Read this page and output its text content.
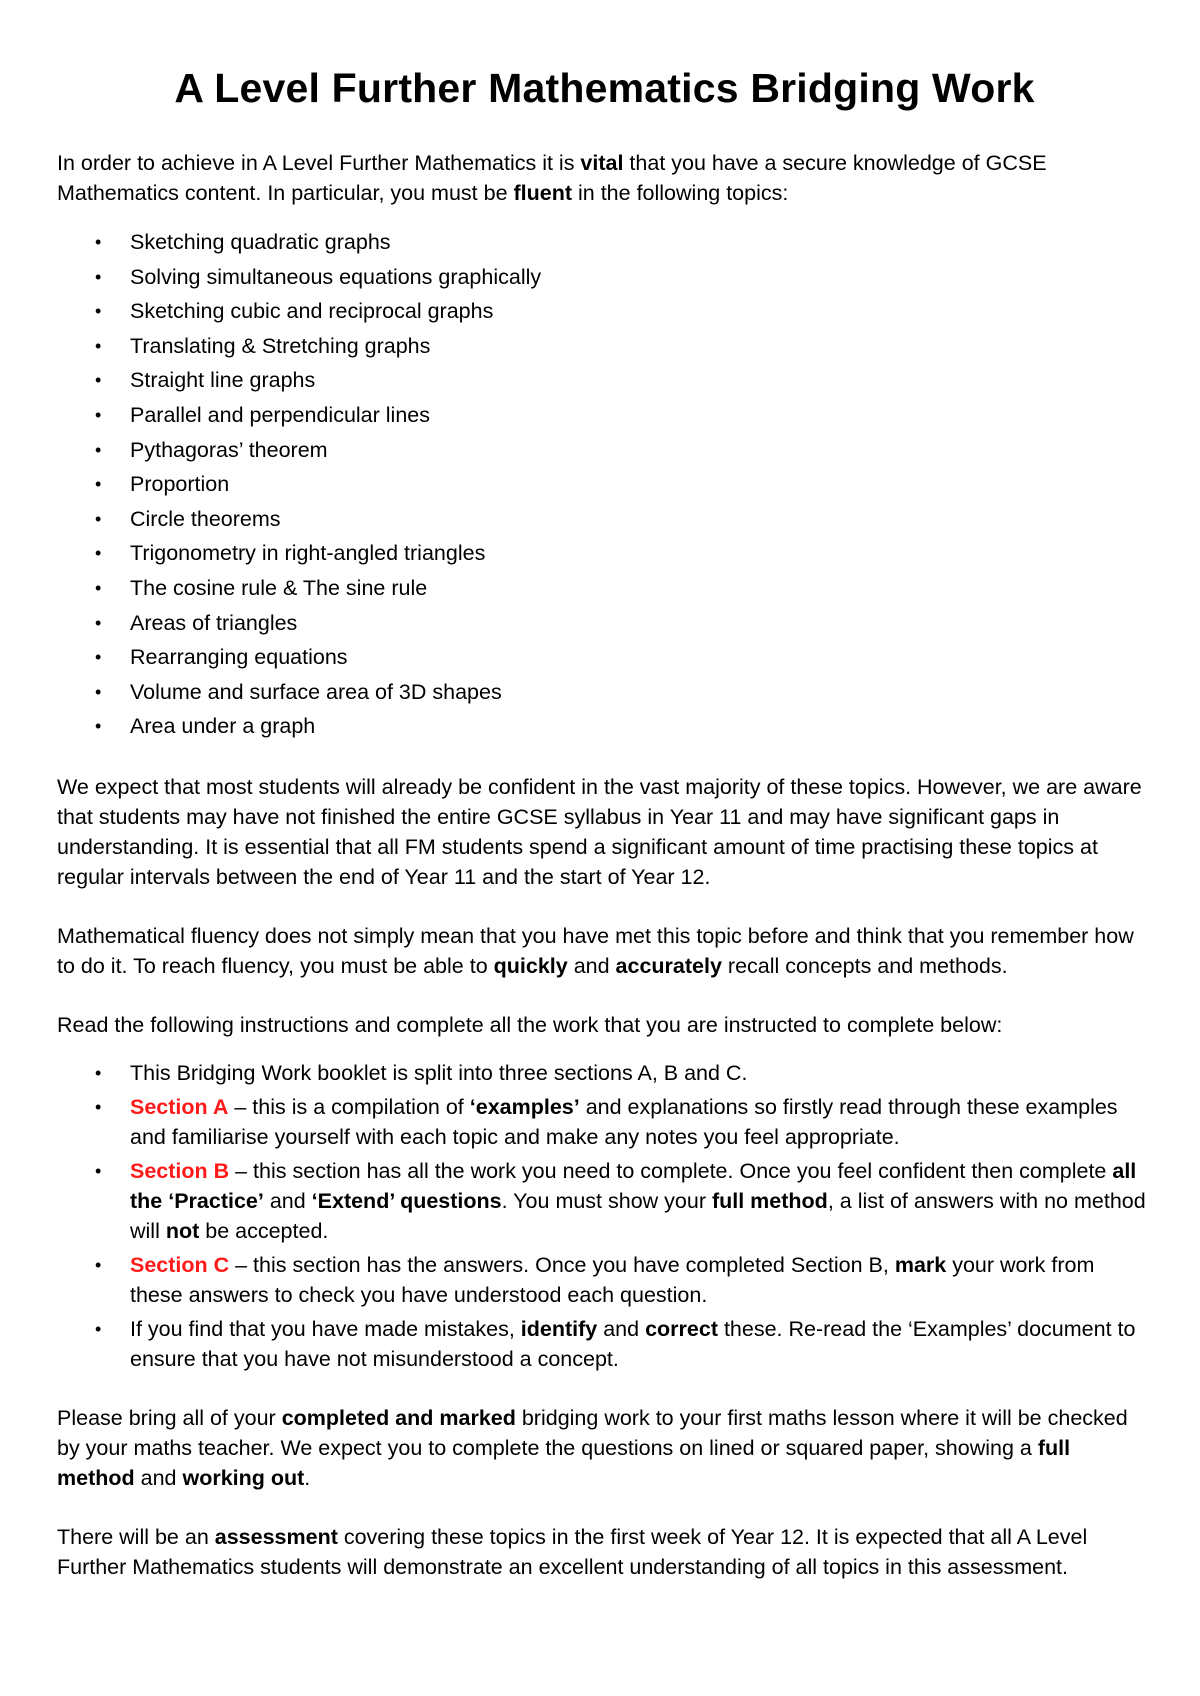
A Level Further Mathematics Bridging Work

In order to achieve in A Level Further Mathematics it is vital that you have a secure knowledge of GCSE Mathematics content. In particular, you must be fluent in the following topics:

• Sketching quadratic graphs
• Solving simultaneous equations graphically
• Sketching cubic and reciprocal graphs
• Translating & Stretching graphs
• Straight line graphs
• Parallel and perpendicular lines
• Pythagoras’ theorem
• Proportion
• Circle theorems
• Trigonometry in right-angled triangles
• The cosine rule & The sine rule
• Areas of triangles
• Rearranging equations
• Volume and surface area of 3D shapes
• Area under a graph

We expect that most students will already be confident in the vast majority of these topics. However, we are aware that students may have not finished the entire GCSE syllabus in Year 11 and may have significant gaps in understanding. It is essential that all FM students spend a significant amount of time practising these topics at regular intervals between the end of Year 11 and the start of Year 12.

Mathematical fluency does not simply mean that you have met this topic before and think that you remember how to do it. To reach fluency, you must be able to quickly and accurately recall concepts and methods.

Read the following instructions and complete all the work that you are instructed to complete below:

• This Bridging Work booklet is split into three sections A, B and C.
• Section A – this is a compilation of ‘examples’ and explanations so firstly read through these examples and familiarise yourself with each topic and make any notes you feel appropriate.
• Section B – this section has all the work you need to complete. Once you feel confident then complete all the ‘Practice’ and ‘Extend’ questions. You must show your full method, a list of answers with no method will not be accepted.
• Section C – this section has the answers. Once you have completed Section B, mark your work from these answers to check you have understood each question.
• If you find that you have made mistakes, identify and correct these. Re-read the ‘Examples’ document to ensure that you have not misunderstood a concept.

Please bring all of your completed and marked bridging work to your first maths lesson where it will be checked by your maths teacher. We expect you to complete the questions on lined or squared paper, showing a full method and working out.

There will be an assessment covering these topics in the first week of Year 12. It is expected that all A Level Further Mathematics students will demonstrate an excellent understanding of all topics in this assessment.
